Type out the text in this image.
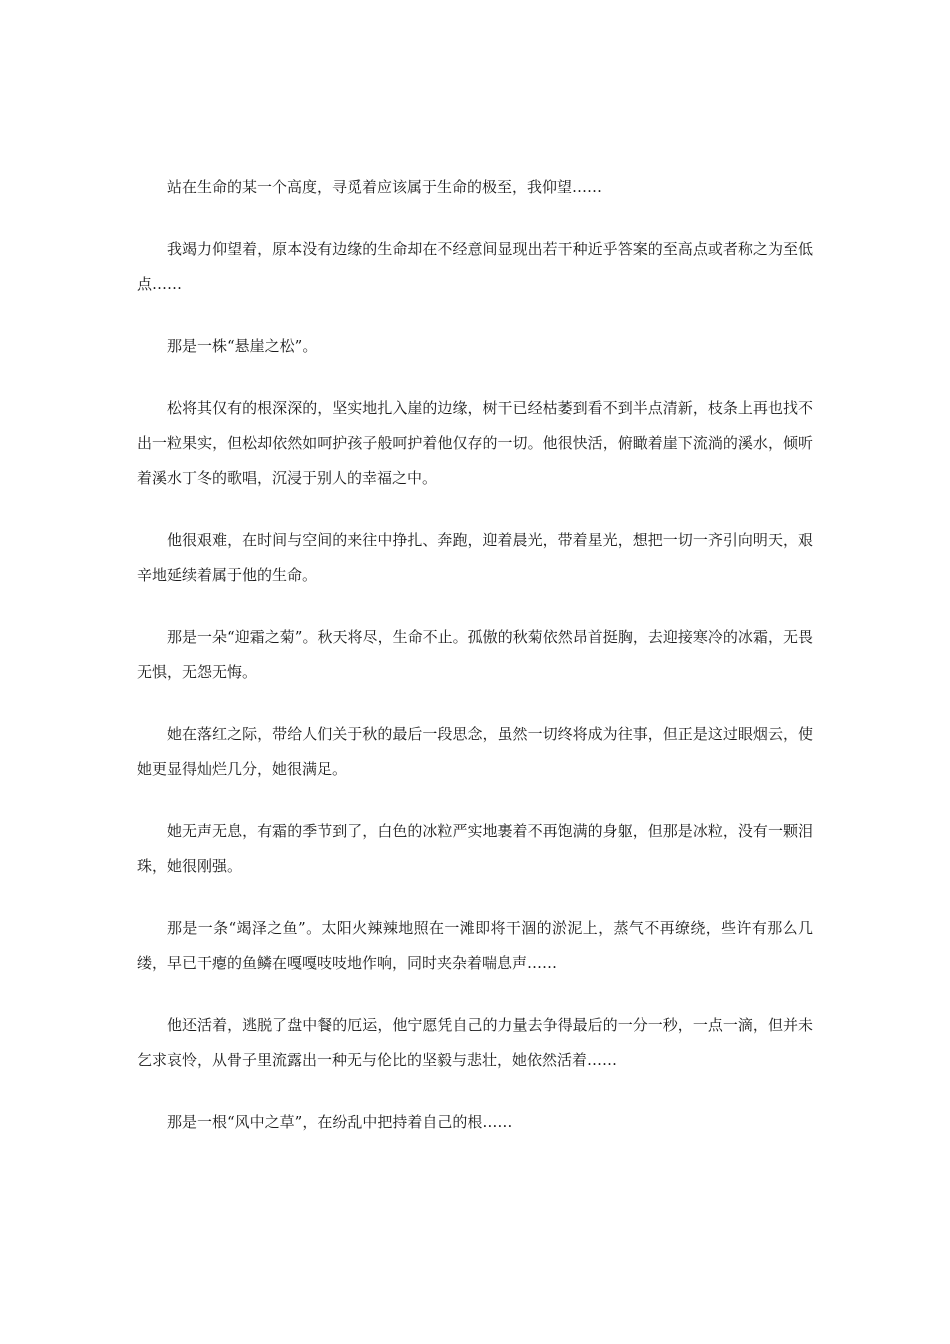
站在生命的某一个高度，寻觅着应该属于生命的极至，我仰望……

我竭力仰望着，原本没有边缘的生命却在不经意间显现出若干种近乎答案的至高点或者称之为至低点……

那是一株“悬崖之松”。

松将其仅有的根深深的，坚实地扎入崖的边缘，树干已经枯萎到看不到半点清新，枝条上再也找不出一粒果实，但松却依然如呵护孩子般呵护着他仅存的一切。他很快活，俯瞰着崖下流淌的溪水，倾听着溪水丁冬的歌唱，沉浸于别人的幸福之中。

他很艰难，在时间与空间的来往中挣扎、奔跑，迎着晨光，带着星光，想把一切一齐引向明天，艰辛地延续着属于他的生命。

那是一朵“迎霜之菊”。秋天将尽，生命不止。孤傲的秋菊依然昂首挺胸，去迎接寒冷的冰霜，无畏无惧，无怨无悔。

她在落红之际，带给人们关于秋的最后一段思念，虽然一切终将成为往事，但正是这过眼烟云，使她更显得灿烂几分，她很满足。

她无声无息，有霜的季节到了，白色的冰粒严实地裹着不再饱满的身躯，但那是冰粒，没有一颗泪珠，她很刚强。

那是一条“竭泽之鱼”。太阳火辣辣地照在一滩即将干涸的淤泥上，蒸气不再缭绕，些许有那么几缕，早已干瘪的鱼鳞在嘎嘎吱吱地作响，同时夹杂着喘息声……

他还活着，逃脱了盘中餐的厄运，他宁愿凭自己的力量去争得最后的一分一秒，一点一滴，但并未乞求哀怜，从骨子里流露出一种无与伦比的坚毅与悲壮，她依然活着……

那是一根“风中之草”，在纷乱中把持着自己的根……
